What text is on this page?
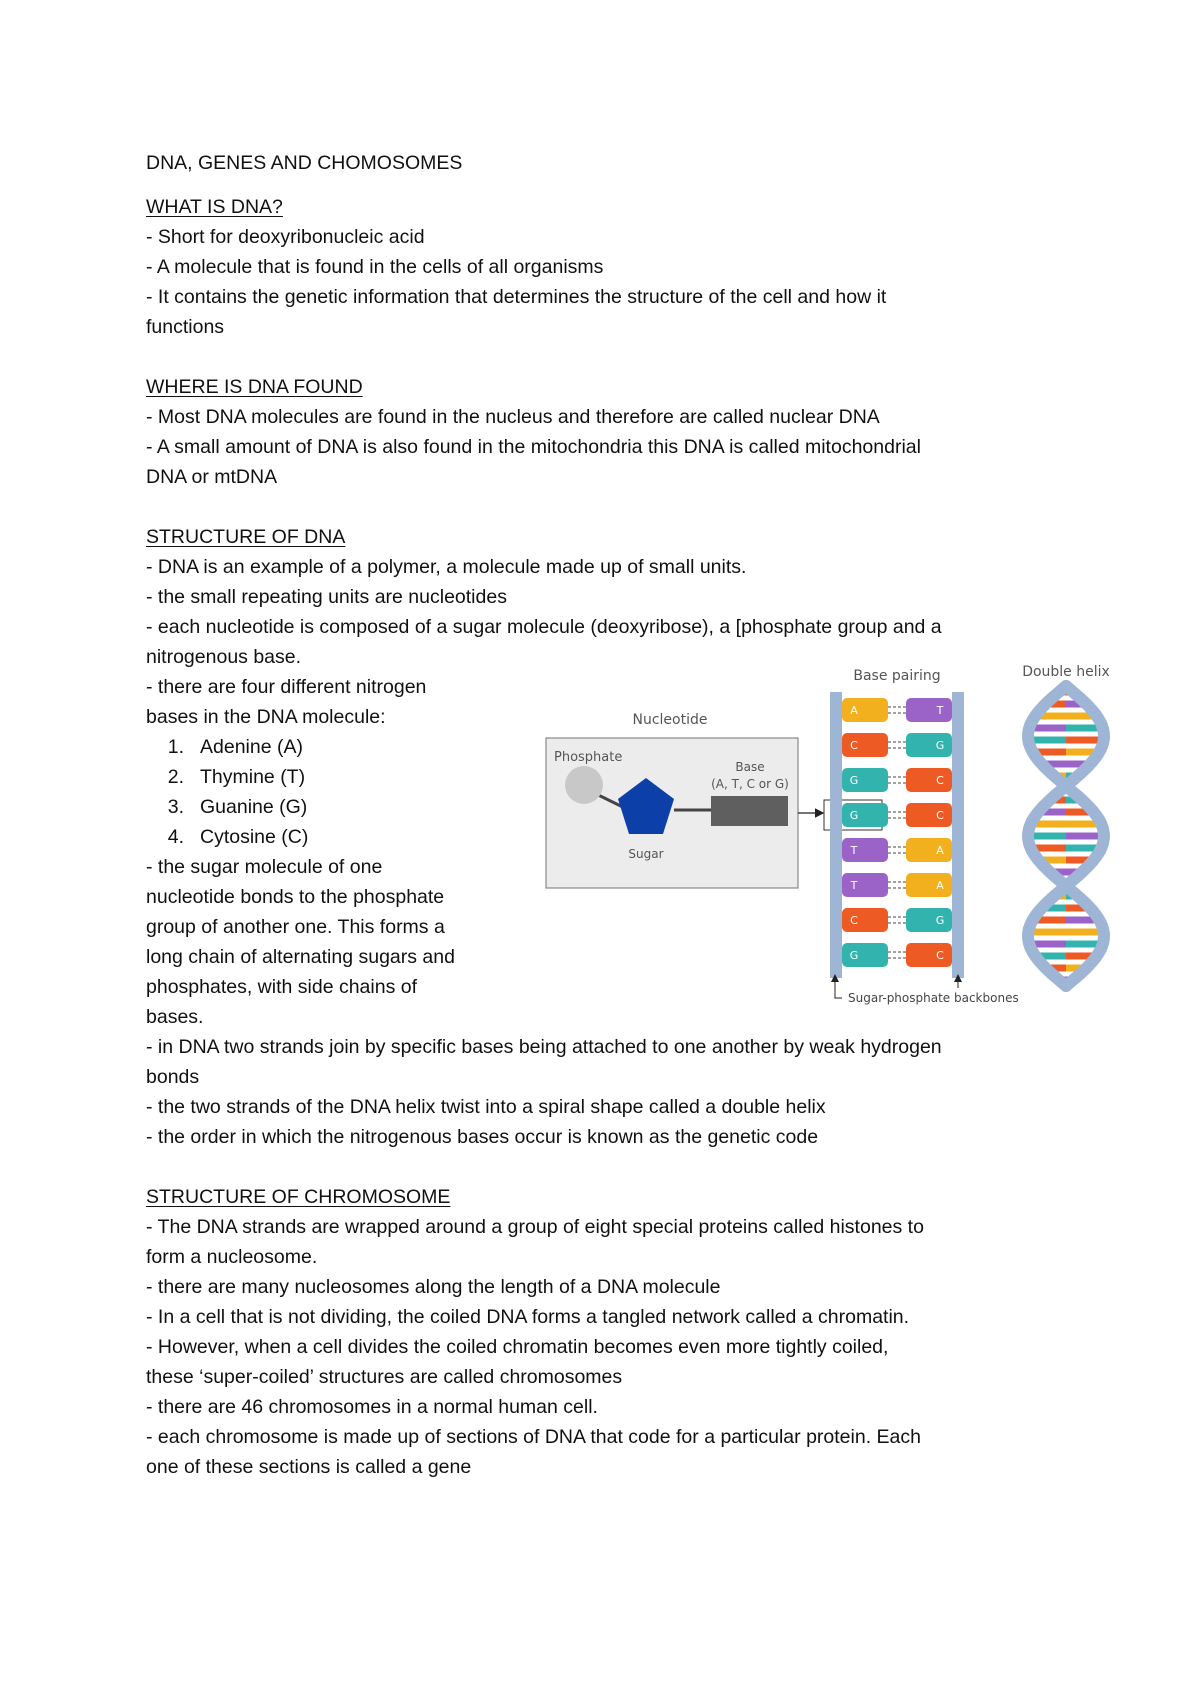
DNA, GENES AND CHOMOSOMES
WHAT IS DNA?
- Short for deoxyribonucleic acid
- A molecule that is found in the cells of all organisms
- It contains the genetic information that determines the structure of the cell and how it
functions
WHERE IS DNA FOUND
- Most DNA molecules are found in the nucleus and therefore are called nuclear DNA
- A small amount of DNA is also found in the mitochondria this DNA is called mitochondrial
DNA or mtDNA
STRUCTURE OF DNA
- DNA is an example of a polymer, a molecule made up of small units.
- the small repeating units are nucleotides
- each nucleotide is composed of a sugar molecule (deoxyribose), a [phosphate group and a
nitrogenous base.
- there are four different nitrogen
bases in the DNA molecule:
1. Adenine (A)
2. Thymine (T)
3. Guanine (G)
4. Cytosine (C)
- the sugar molecule of one
nucleotide bonds to the phosphate
group of another one. This forms a
long chain of alternating sugars and
phosphates, with side chains of
bases.
- in DNA two strands join by specific bases being attached to one another by weak hydrogen
bonds
- the two strands of the DNA helix twist into a spiral shape called a double helix
- the order in which the nitrogenous bases occur is known as the genetic code
STRUCTURE OF CHROMOSOME
- The DNA strands are wrapped around a group of eight special proteins called histones to
form a nucleosome.
- there are many nucleosomes along the length of a DNA molecule
- In a cell that is not dividing, the coiled DNA forms a tangled network called a chromatin.
- However, when a cell divides the coiled chromatin becomes even more tightly coiled,
these ‘super-coiled’ structures are called chromosomes
- there are 46 chromosomes in a normal human cell.
- each chromosome is made up of sections of DNA that code for a particular protein. Each
one of these sections is called a gene
Nucleotide
Phosphate
Base
(A, T, C or G)
Sugar
Base pairing
A	T
C	G
G	C
G	C
T	A
T	A
C	G
G	C
Sugar-phosphate backbones
Double helix
